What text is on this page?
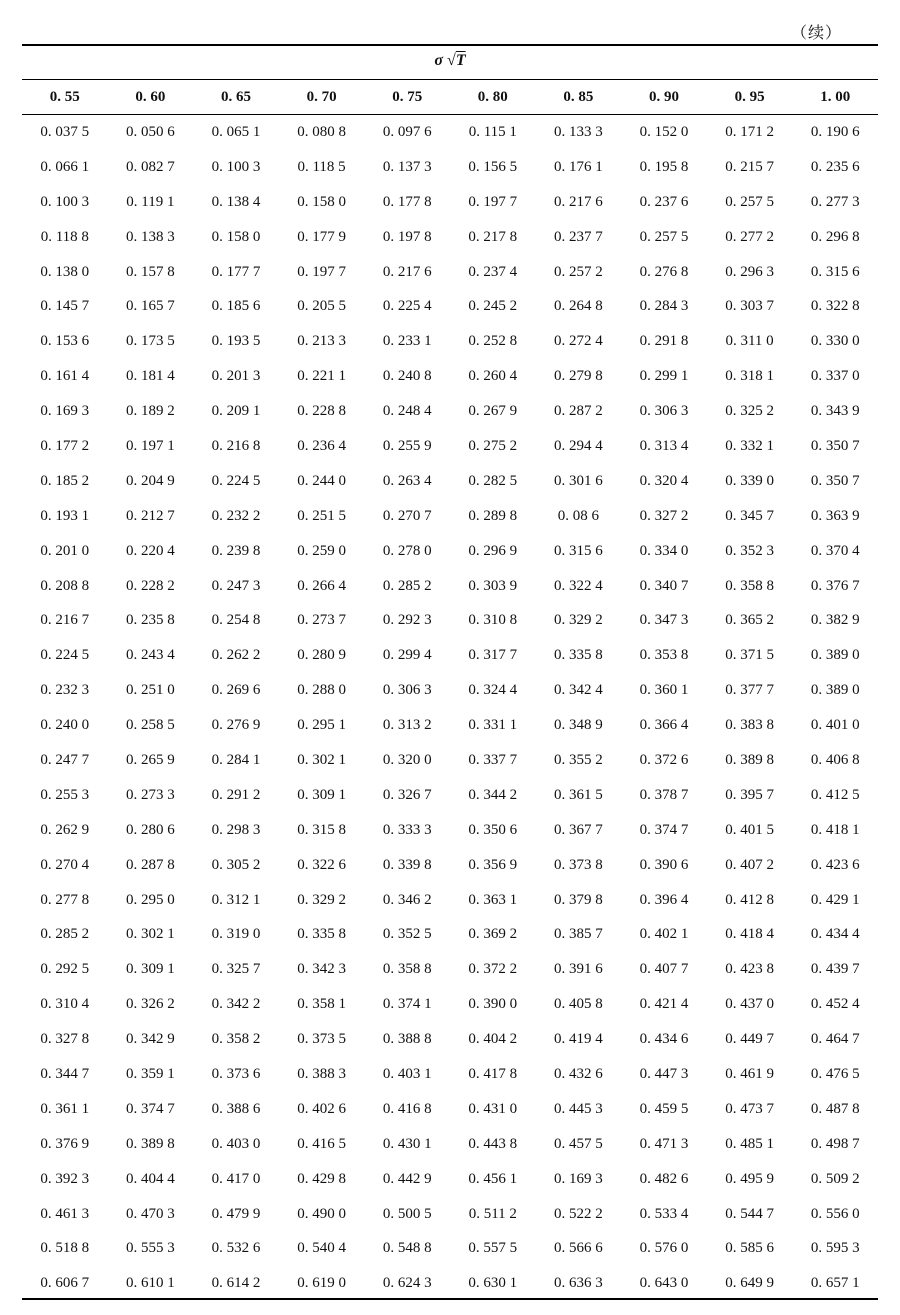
（续）
σ √T
0. 55	0. 60	0. 65	0. 70	0. 75	0. 80	0. 85	0. 90	0. 95	1. 00
0. 037 5	0. 050 6	0. 065 1	0. 080 8	0. 097 6	0. 115 1	0. 133 3	0. 152 0	0. 171 2	0. 190 6
0. 066 1	0. 082 7	0. 100 3	0. 118 5	0. 137 3	0. 156 5	0. 176 1	0. 195 8	0. 215 7	0. 235 6
0. 100 3	0. 119 1	0. 138 4	0. 158 0	0. 177 8	0. 197 7	0. 217 6	0. 237 6	0. 257 5	0. 277 3
0. 118 8	0. 138 3	0. 158 0	0. 177 9	0. 197 8	0. 217 8	0. 237 7	0. 257 5	0. 277 2	0. 296 8
0. 138 0	0. 157 8	0. 177 7	0. 197 7	0. 217 6	0. 237 4	0. 257 2	0. 276 8	0. 296 3	0. 315 6
0. 145 7	0. 165 7	0. 185 6	0. 205 5	0. 225 4	0. 245 2	0. 264 8	0. 284 3	0. 303 7	0. 322 8
0. 153 6	0. 173 5	0. 193 5	0. 213 3	0. 233 1	0. 252 8	0. 272 4	0. 291 8	0. 311 0	0. 330 0
0. 161 4	0. 181 4	0. 201 3	0. 221 1	0. 240 8	0. 260 4	0. 279 8	0. 299 1	0. 318 1	0. 337 0
0. 169 3	0. 189 2	0. 209 1	0. 228 8	0. 248 4	0. 267 9	0. 287 2	0. 306 3	0. 325 2	0. 343 9
0. 177 2	0. 197 1	0. 216 8	0. 236 4	0. 255 9	0. 275 2	0. 294 4	0. 313 4	0. 332 1	0. 350 7
0. 185 2	0. 204 9	0. 224 5	0. 244 0	0. 263 4	0. 282 5	0. 301 6	0. 320 4	0. 339 0	0. 350 7
0. 193 1	0. 212 7	0. 232 2	0. 251 5	0. 270 7	0. 289 8	0. 08 6	0. 327 2	0. 345 7	0. 363 9
0. 201 0	0. 220 4	0. 239 8	0. 259 0	0. 278 0	0. 296 9	0. 315 6	0. 334 0	0. 352 3	0. 370 4
0. 208 8	0. 228 2	0. 247 3	0. 266 4	0. 285 2	0. 303 9	0. 322 4	0. 340 7	0. 358 8	0. 376 7
0. 216 7	0. 235 8	0. 254 8	0. 273 7	0. 292 3	0. 310 8	0. 329 2	0. 347 3	0. 365 2	0. 382 9
0. 224 5	0. 243 4	0. 262 2	0. 280 9	0. 299 4	0. 317 7	0. 335 8	0. 353 8	0. 371 5	0. 389 0
0. 232 3	0. 251 0	0. 269 6	0. 288 0	0. 306 3	0. 324 4	0. 342 4	0. 360 1	0. 377 7	0. 389 0
0. 240 0	0. 258 5	0. 276 9	0. 295 1	0. 313 2	0. 331 1	0. 348 9	0. 366 4	0. 383 8	0. 401 0
0. 247 7	0. 265 9	0. 284 1	0. 302 1	0. 320 0	0. 337 7	0. 355 2	0. 372 6	0. 389 8	0. 406 8
0. 255 3	0. 273 3	0. 291 2	0. 309 1	0. 326 7	0. 344 2	0. 361 5	0. 378 7	0. 395 7	0. 412 5
0. 262 9	0. 280 6	0. 298 3	0. 315 8	0. 333 3	0. 350 6	0. 367 7	0. 374 7	0. 401 5	0. 418 1
0. 270 4	0. 287 8	0. 305 2	0. 322 6	0. 339 8	0. 356 9	0. 373 8	0. 390 6	0. 407 2	0. 423 6
0. 277 8	0. 295 0	0. 312 1	0. 329 2	0. 346 2	0. 363 1	0. 379 8	0. 396 4	0. 412 8	0. 429 1
0. 285 2	0. 302 1	0. 319 0	0. 335 8	0. 352 5	0. 369 2	0. 385 7	0. 402 1	0. 418 4	0. 434 4
0. 292 5	0. 309 1	0. 325 7	0. 342 3	0. 358 8	0. 372 2	0. 391 6	0. 407 7	0. 423 8	0. 439 7
0. 310 4	0. 326 2	0. 342 2	0. 358 1	0. 374 1	0. 390 0	0. 405 8	0. 421 4	0. 437 0	0. 452 4
0. 327 8	0. 342 9	0. 358 2	0. 373 5	0. 388 8	0. 404 2	0. 419 4	0. 434 6	0. 449 7	0. 464 7
0. 344 7	0. 359 1	0. 373 6	0. 388 3	0. 403 1	0. 417 8	0. 432 6	0. 447 3	0. 461 9	0. 476 5
0. 361 1	0. 374 7	0. 388 6	0. 402 6	0. 416 8	0. 431 0	0. 445 3	0. 459 5	0. 473 7	0. 487 8
0. 376 9	0. 389 8	0. 403 0	0. 416 5	0. 430 1	0. 443 8	0. 457 5	0. 471 3	0. 485 1	0. 498 7
0. 392 3	0. 404 4	0. 417 0	0. 429 8	0. 442 9	0. 456 1	0. 169 3	0. 482 6	0. 495 9	0. 509 2
0. 461 3	0. 470 3	0. 479 9	0. 490 0	0. 500 5	0. 511 2	0. 522 2	0. 533 4	0. 544 7	0. 556 0
0. 518 8	0. 555 3	0. 532 6	0. 540 4	0. 548 8	0. 557 5	0. 566 6	0. 576 0	0. 585 6	0. 595 3
0. 606 7	0. 610 1	0. 614 2	0. 619 0	0. 624 3	0. 630 1	0. 636 3	0. 643 0	0. 649 9	0. 657 1
